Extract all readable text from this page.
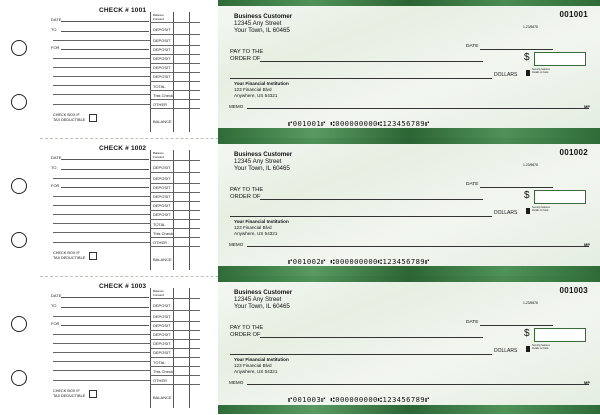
CHECK # 1001
DATE
TO
FOR
Balance
Forward
DEPOSIT
DEPOSIT
DEPOSIT
DEPOSIT
DEPOSIT
DEPOSIT
TOTAL
This Check
OTHER
BALANCE
CHECK BOX IF
TAX DEDUCTIBLE
Business Customer
12345 Any Street
Your Town, IL 60465
001001
1-23/5678
DATE
PAY TO THE
ORDER OF	$
DOLLARS
Security features
Details on back.
Your Financial Institution
123 Financial Blvd
Anywhere, US 54321
MEMO	MP
⑈001001⑈ ⑆000000000⑆123456789⑈
CHECK # 1002
DATE
TO
FOR
Balance
Forward
DEPOSIT
DEPOSIT
DEPOSIT
DEPOSIT
DEPOSIT
DEPOSIT
TOTAL
This Check
OTHER
BALANCE
CHECK BOX IF
TAX DEDUCTIBLE
Business Customer
12345 Any Street
Your Town, IL 60465
001002
1-23/5678
DATE
PAY TO THE
ORDER OF	$
DOLLARS
Security features
Details on back.
Your Financial Institution
123 Financial Blvd
Anywhere, US 54321
MEMO	MP
⑈001002⑈ ⑆000000000⑆123456789⑈
CHECK # 1003
DATE
TO
FOR
Balance
Forward
DEPOSIT
DEPOSIT
DEPOSIT
DEPOSIT
DEPOSIT
DEPOSIT
TOTAL
This Check
OTHER
BALANCE
CHECK BOX IF
TAX DEDUCTIBLE
Business Customer
12345 Any Street
Your Town, IL 60465
001003
1-23/5678
DATE
PAY TO THE
ORDER OF	$
DOLLARS
Security features
Details on back.
Your Financial Institution
123 Financial Blvd
Anywhere, US 54321
MEMO	MP
⑈001003⑈ ⑆000000000⑆123456789⑈
